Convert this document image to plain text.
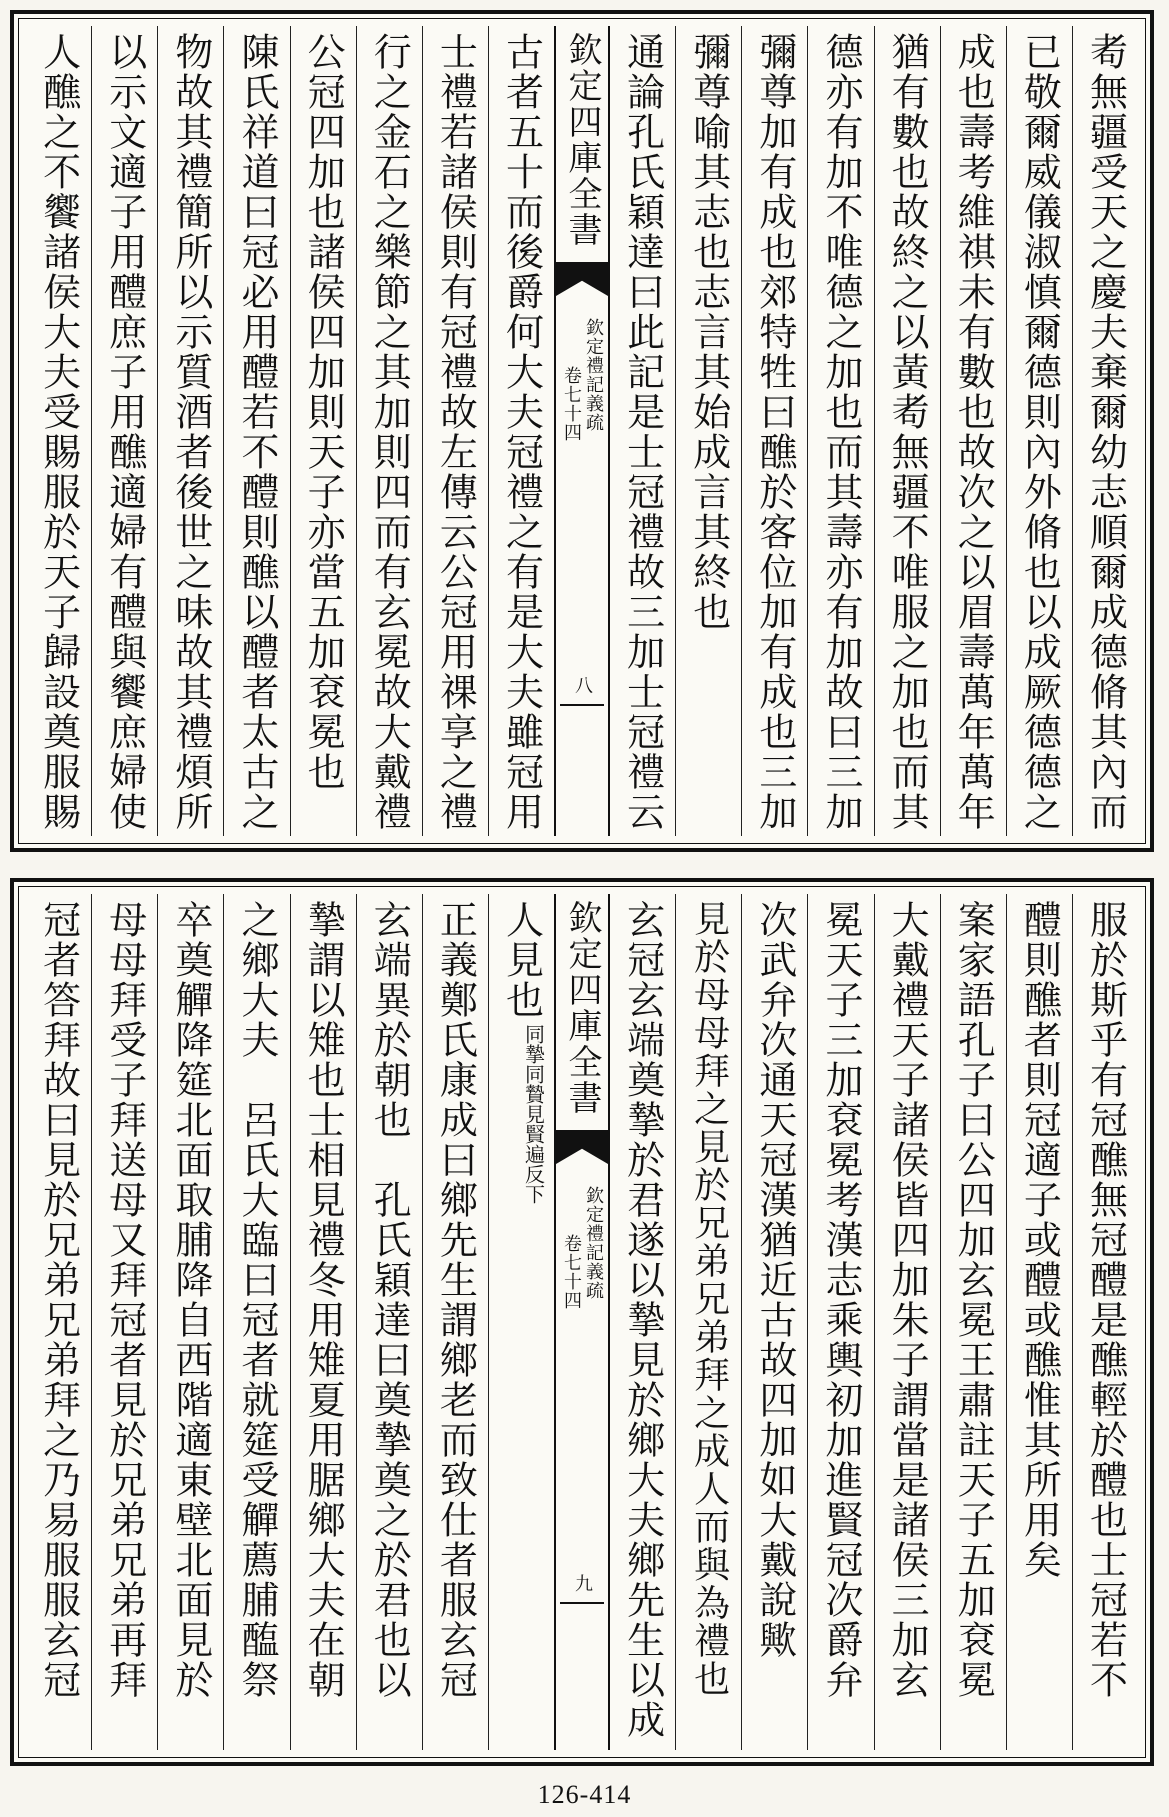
耇無疆受天之慶夫棄爾幼志順爾成德脩其內而
已敬爾威儀淑慎爾德則內外脩也以成厥德德之
成也壽考維祺未有數也故次之以眉壽萬年萬年
猶有數也故終之以黃耇無疆不唯服之加也而其
德亦有加不唯德之加也而其壽亦有加故曰三加
彌尊加有成也郊特牲曰醮於客位加有成也三加
彌尊喻其志也志言其始成言其終也
通論孔氏穎達曰此記是士冠禮故三加士冠禮云
欽定四庫全書
欽定禮記義疏
卷七十四
八
古者五十而後爵何大夫冠禮之有是大夫雖冠用
士禮若諸侯則有冠禮故左傳云公冠用祼享之禮
行之金石之樂節之其加則四而有玄冕故大戴禮
公冠四加也諸侯四加則天子亦當五加袞冕也
陳氏祥道曰冠必用醴若不醴則醮以醴者太古之
物故其禮簡所以示質酒者後世之味故其禮煩所
以示文適子用醴庶子用醮適婦有醴與饗庶婦使
人醮之不饗諸侯大夫受賜服於天子歸設奠服賜
服於斯乎有冠醮無冠醴是醮輕於醴也士冠若不
醴則醮者則冠適子或醴或醮惟其所用矣
案家語孔子曰公四加玄冕王肅註天子五加袞冕
大戴禮天子諸侯皆四加朱子謂當是諸侯三加玄
冕天子三加袞冕考漢志乘輿初加進賢冠次爵弁
次武弁次通天冠漢猶近古故四加如大戴說歟
見於母母拜之見於兄弟兄弟拜之成人而與為禮也
玄冠玄端奠摯於君遂以摯見於鄉大夫鄉先生以成
欽定四庫全書
欽定禮記義疏
卷七十四
九
人見也
見賢遍反下
同摯同贄
正義鄭氏康成曰鄉先生謂鄉老而致仕者服玄冠
玄端異於朝也　孔氏穎達曰奠摯奠之於君也以
摯謂以雉也士相見禮冬用雉夏用腒鄉大夫在朝
之鄉大夫　呂氏大臨曰冠者就筵受觶薦脯醢祭
卒奠觶降筵北面取脯降自西階適東壁北面見於
母母拜受子拜送母又拜冠者見於兄弟兄弟再拜
冠者答拜故曰見於兄弟兄弟拜之乃易服服玄冠
126-414
